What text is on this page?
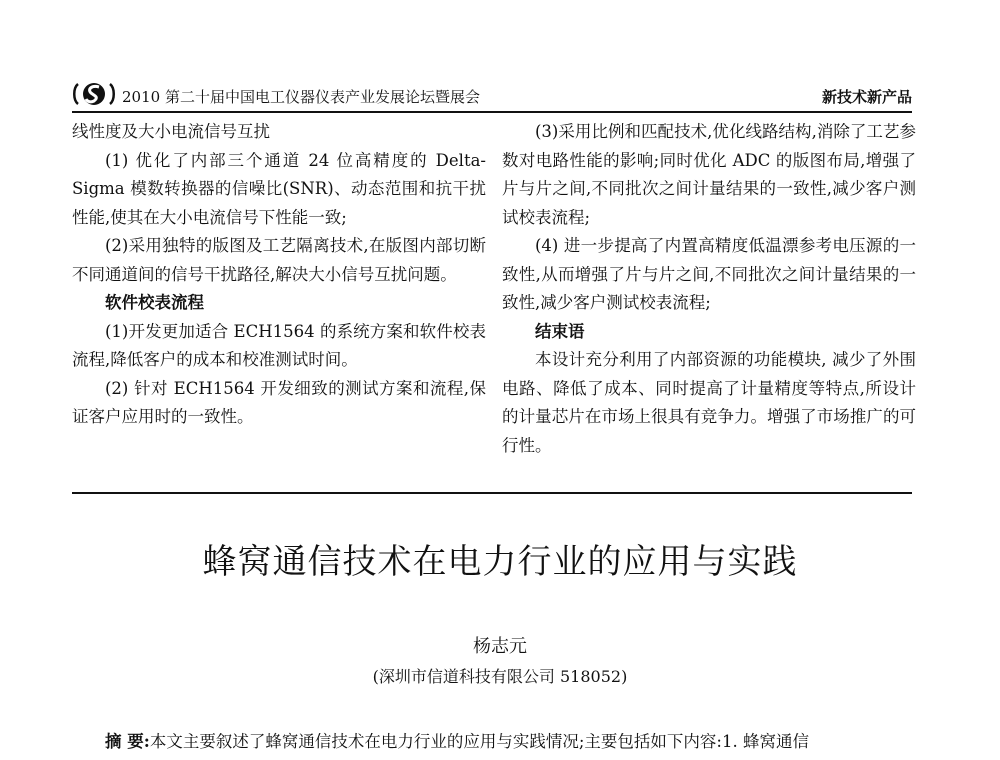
2010 第二十届中国电工仪器仪表产业发展论坛暨展会	新技术新产品

线性度及大小电流信号互扰

(1) 优化了内部三个通道 24 位高精度的 Delta-Sigma 模数转换器的信噪比(SNR)、动态范围和抗干扰性能,使其在大小电流信号下性能一致;

(2)采用独特的版图及工艺隔离技术,在版图内部切断不同通道间的信号干扰路径,解决大小信号互扰问题。

软件校表流程

(1)开发更加适合 ECH1564 的系统方案和软件校表流程,降低客户的成本和校准测试时间。

(2) 针对 ECH1564 开发细致的测试方案和流程,保证客户应用时的一致性。

(3)采用比例和匹配技术,优化线路结构,消除了工艺参数对电路性能的影响;同时优化 ADC 的版图布局,增强了片与片之间,不同批次之间计量结果的一致性,减少客户测试校表流程;

(4) 进一步提高了内置高精度低温漂参考电压源的一致性,从而增强了片与片之间,不同批次之间计量结果的一致性,减少客户测试校表流程;

结束语

本设计充分利用了内部资源的功能模块, 减少了外围电路、降低了成本、同时提高了计量精度等特点,所设计的计量芯片在市场上很具有竞争力。增强了市场推广的可行性。

蜂窝通信技术在电力行业的应用与实践
杨志元
(深圳市信道科技有限公司 518052)
摘 要:本文主要叙述了蜂窝通信技术在电力行业的应用与实践情况;主要包括如下内容:1. 蜂窝通信
